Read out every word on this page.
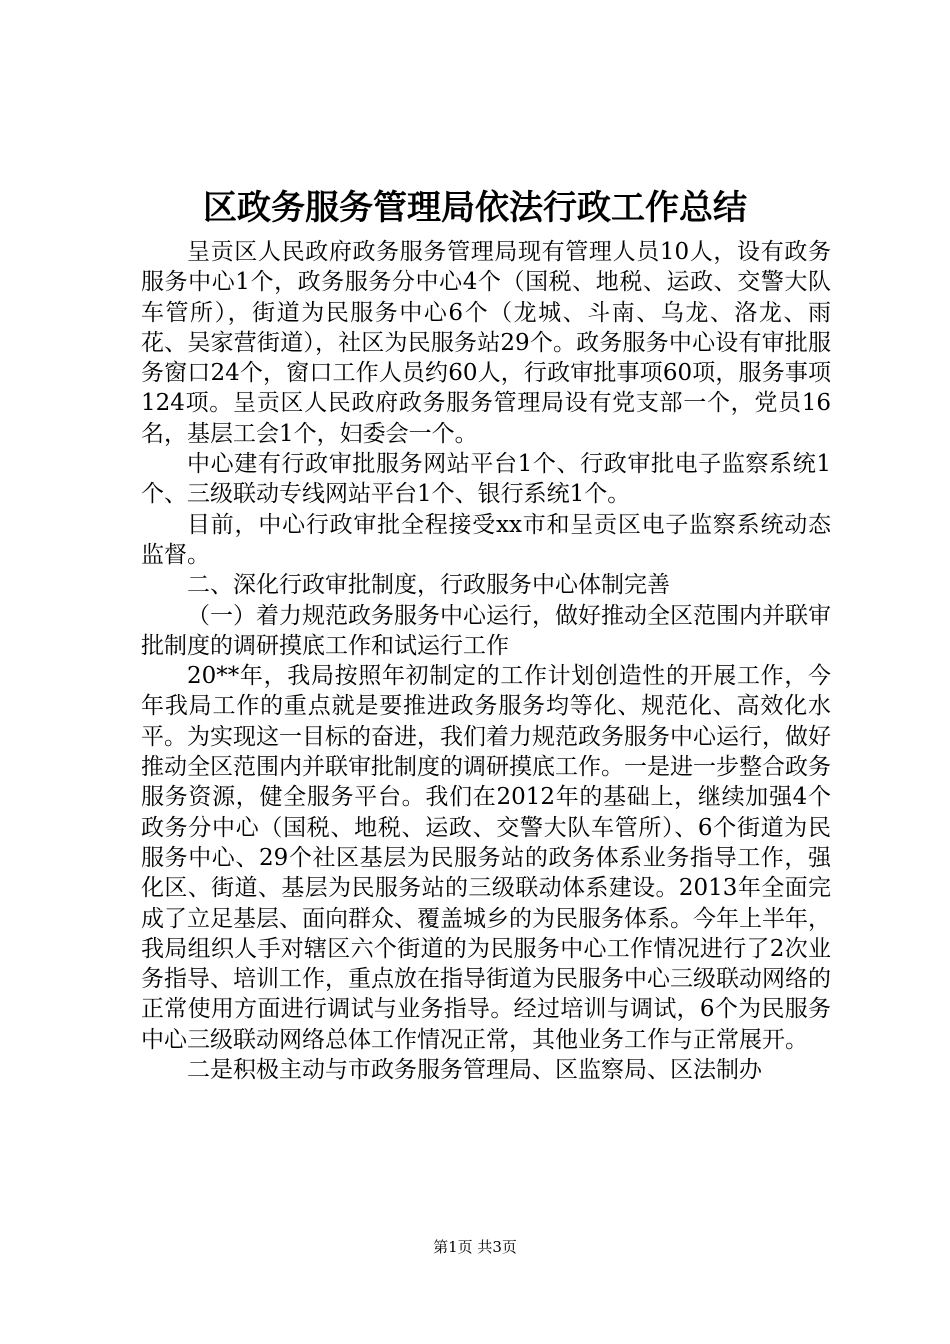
区政务服务管理局依法行政工作总结

呈贡区人民政府政务服务管理局现有管理人员10人，设有政务服务中心1个，政务服务分中心4个（国税、地税、运政、交警大队车管所），街道为民服务中心6个（龙城、斗南、乌龙、洛龙、雨花、吴家营街道），社区为民服务站29个。政务服务中心设有审批服务窗口24个，窗口工作人员约60人，行政审批事项60项，服务事项124项。呈贡区人民政府政务服务管理局设有党支部一个，党员16名，基层工会1个，妇委会一个。

中心建有行政审批服务网站平台1个、行政审批电子监察系统1个、三级联动专线网站平台1个、银行系统1个。

目前，中心行政审批全程接受xx市和呈贡区电子监察系统动态监督。

二、深化行政审批制度，行政服务中心体制完善

（一）着力规范政务服务中心运行，做好推动全区范围内并联审批制度的调研摸底工作和试运行工作

20**年，我局按照年初制定的工作计划创造性的开展工作，今年我局工作的重点就是要推进政务服务均等化、规范化、高效化水平。为实现这一目标的奋进，我们着力规范政务服务中心运行，做好推动全区范围内并联审批制度的调研摸底工作。一是进一步整合政务服务资源，健全服务平台。我们在2012年的基础上，继续加强4个政务分中心（国税、地税、运政、交警大队车管所）、6个街道为民服务中心、29个社区基层为民服务站的政务体系业务指导工作，强化区、街道、基层为民服务站的三级联动体系建设。2013年全面完成了立足基层、面向群众、覆盖城乡的为民服务体系。今年上半年，我局组织人手对辖区六个街道的为民服务中心工作情况进行了2次业务指导、培训工作，重点放在指导街道为民服务中心三级联动网络的正常使用方面进行调试与业务指导。经过培训与调试，6个为民服务中心三级联动网络总体工作情况正常，其他业务工作与正常展开。

二是积极主动与市政务服务管理局、区监察局、区法制办

第1页 共3页
